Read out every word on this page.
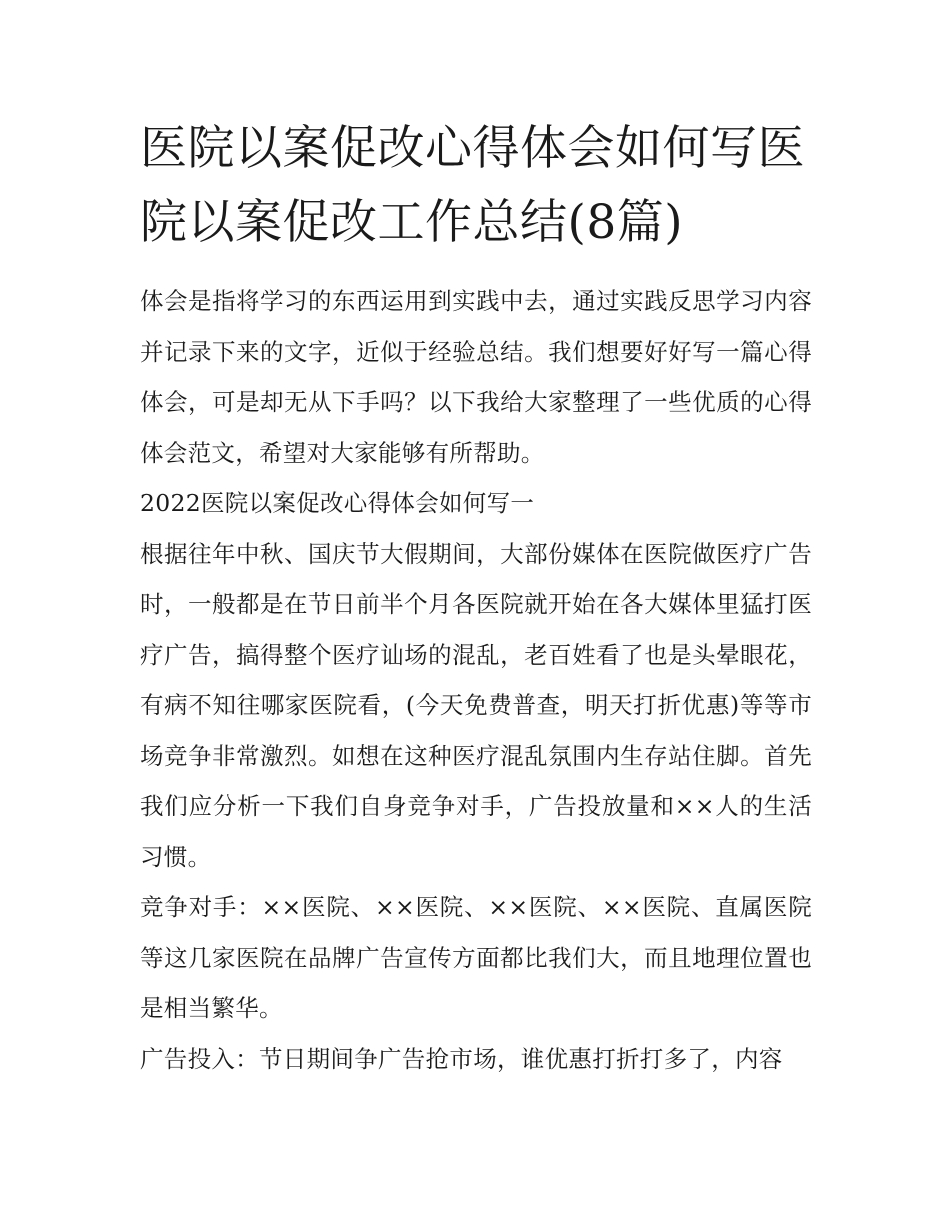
医院以案促改心得体会如何写医院以案促改工作总结(8篇)

体会是指将学习的东西运用到实践中去，通过实践反思学习内容并记录下来的文字，近似于经验总结。我们想要好好写一篇心得体会，可是却无从下手吗？以下我给大家整理了一些优质的心得体会范文，希望对大家能够有所帮助。

2022医院以案促改心得体会如何写一

根据往年中秋、国庆节大假期间，大部份媒体在医院做医疗广告时，一般都是在节日前半个月各医院就开始在各大媒体里猛打医疗广告，搞得整个医疗讪场的混乱，老百姓看了也是头晕眼花，有病不知往哪家医院看，(今天免费普查，明天打折优惠)等等市场竞争非常激烈。如想在这种医疗混乱氛围内生存站住脚。首先我们应分析一下我们自身竞争对手，广告投放量和××人的生活习惯。

竞争对手：××医院、××医院、××医院、××医院、直属医院等这几家医院在品牌广告宣传方面都比我们大，而且地理位置也是相当繁华。

广告投入：节日期间争广告抢市场，谁优惠打折打多了，内容
